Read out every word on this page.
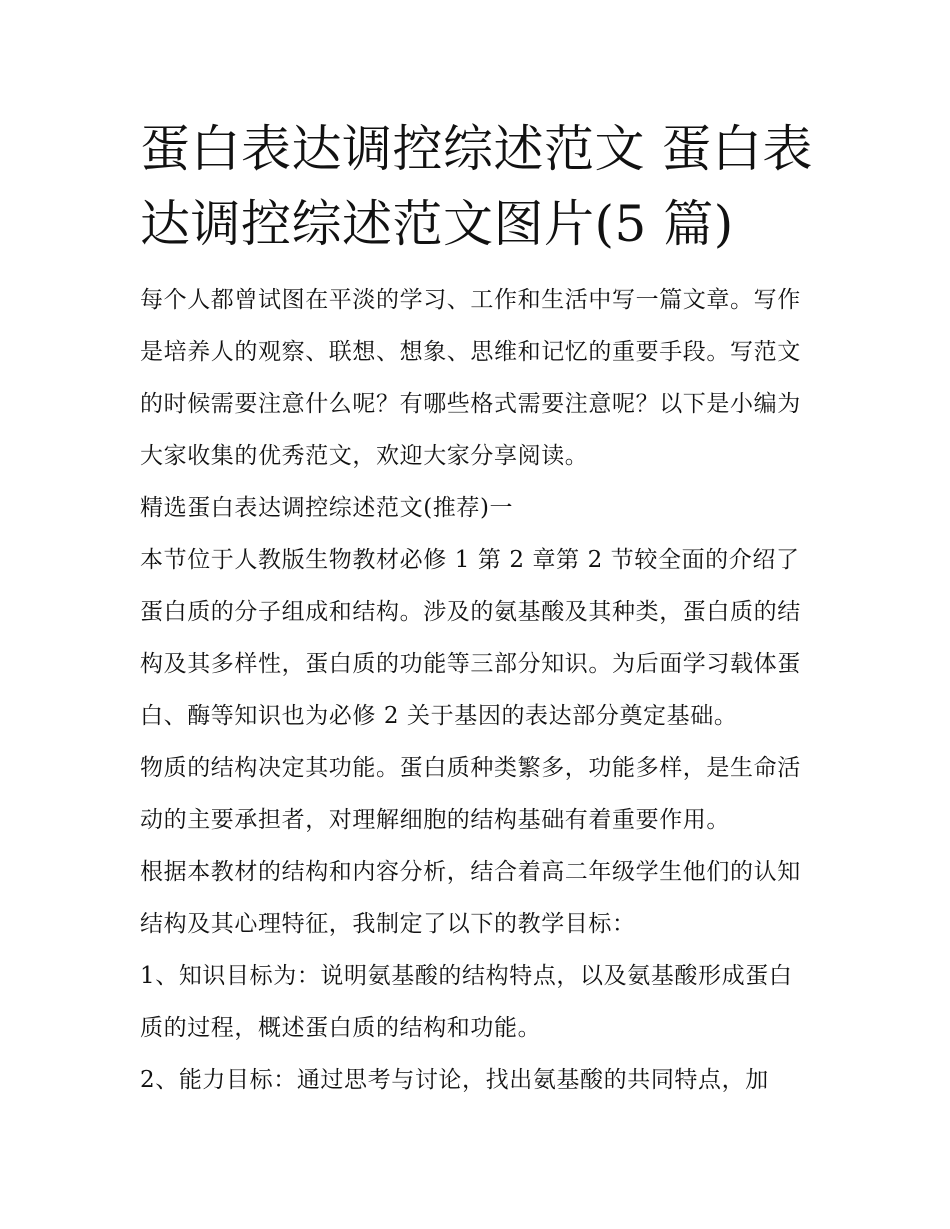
蛋白表达调控综述范文 蛋白表达调控综述范文图片(5 篇)

每个人都曾试图在平淡的学习、工作和生活中写一篇文章。写作是培养人的观察、联想、想象、思维和记忆的重要手段。写范文的时候需要注意什么呢？有哪些格式需要注意呢？以下是小编为大家收集的优秀范文，欢迎大家分享阅读。

精选蛋白表达调控综述范文(推荐)一

本节位于人教版生物教材必修 1 第 2 章第 2 节较全面的介绍了蛋白质的分子组成和结构。涉及的氨基酸及其种类，蛋白质的结构及其多样性，蛋白质的功能等三部分知识。为后面学习载体蛋白、酶等知识也为必修 2 关于基因的表达部分奠定基础。

物质的结构决定其功能。蛋白质种类繁多，功能多样，是生命活动的主要承担者，对理解细胞的结构基础有着重要作用。

根据本教材的结构和内容分析，结合着高二年级学生他们的认知结构及其心理特征，我制定了以下的教学目标：

1、知识目标为：说明氨基酸的结构特点，以及氨基酸形成蛋白质的过程，概述蛋白质的结构和功能。

2、能力目标：通过思考与讨论，找出氨基酸的共同特点，加
